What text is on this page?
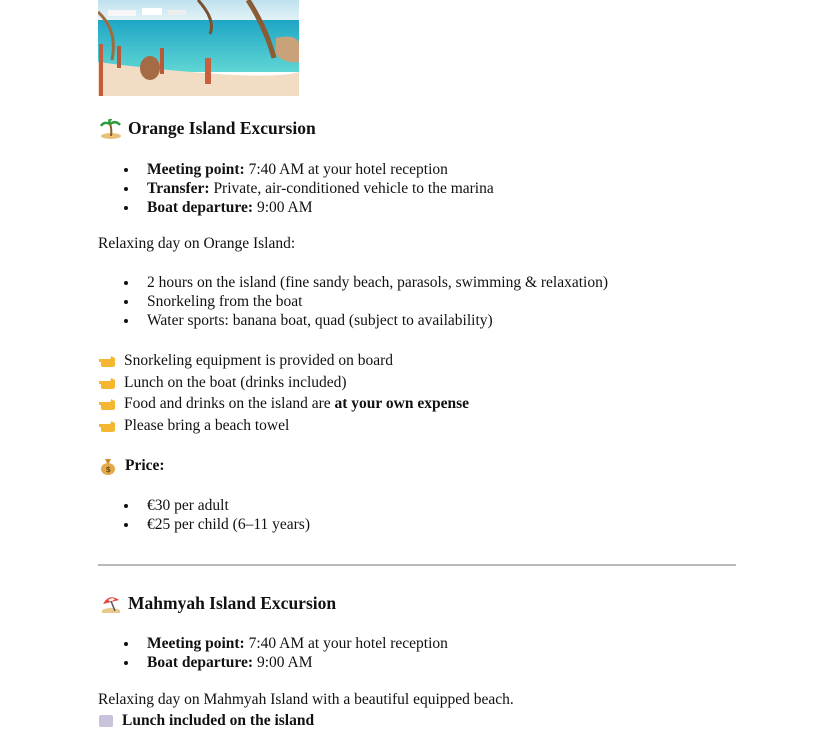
Orange Island Excursion
Meeting point: 7:40 AM at your hotel reception
Transfer: Private, air-conditioned vehicle to the marina
Boat departure: 9:00 AM

Relaxing day on Orange Island:

2 hours on the island (fine sandy beach, parasols, swimming & relaxation)
Snorkeling from the boat
Water sports: banana boat, quad (subject to availability)
Snorkeling equipment is provided on board
Lunch on the boat (drinks included)
Food and drinks on the island are at your own expense
Please bring a beach towel

$ Price:

€30 per adult
€25 per child (6–11 years)
Mahmyah Island Excursion
Meeting point: 7:40 AM at your hotel reception
Boat departure: 9:00 AM

Relaxing day on Mahmyah Island with a beautiful equipped beach.

Lunch included on the island
